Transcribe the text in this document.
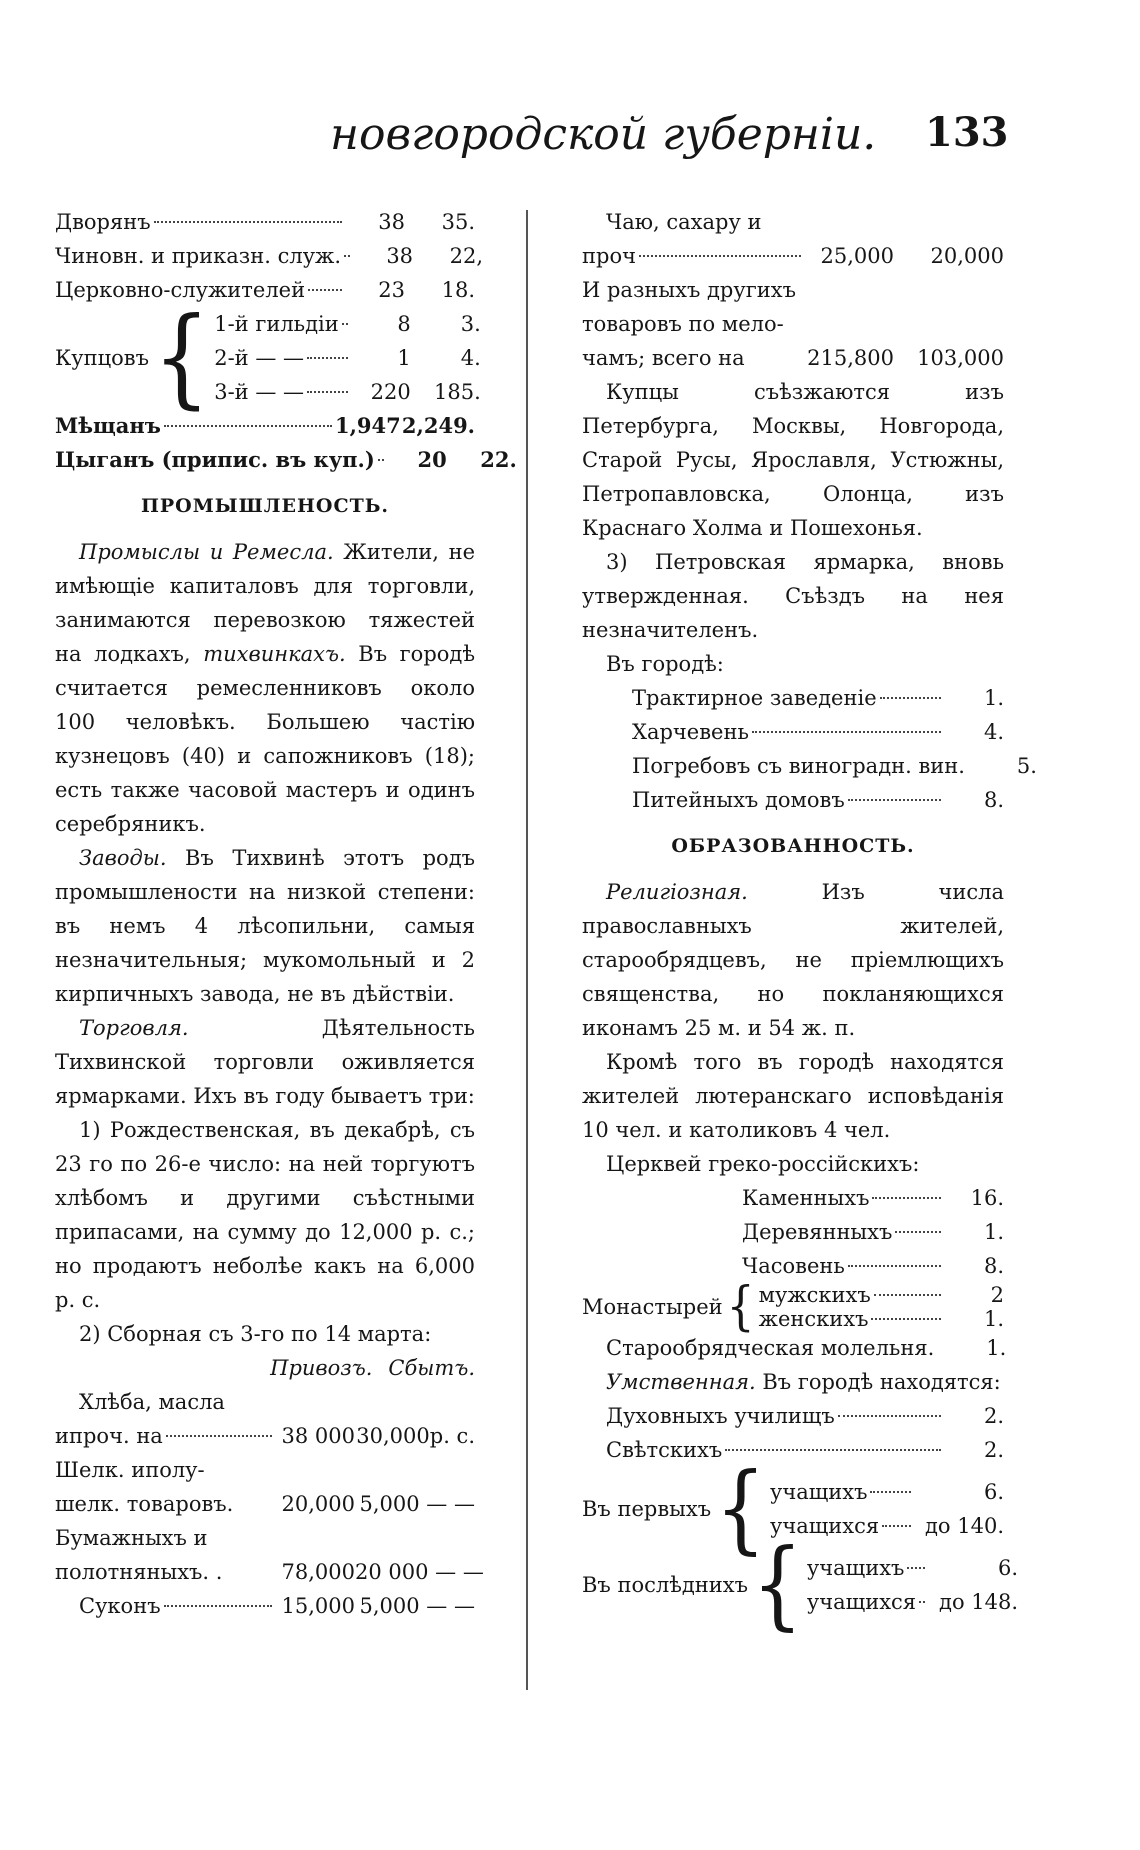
новгородской губерніи. 133
Дворянъ	38	35.
Чиновн. и приказн. служ.	38	22,
Церковно-служителей	23	18.
Купцовъ { 1-й гильдіи	8	3.
2-й — —	1	4.
3-й — —	220	185.
Мѣщанъ	1,947 2,249.
Цыганъ (припис. въ куп.)	20	22.
ПРОМЫШЛЕНОСТЬ.
Промыслы и Ремесла. Жители, не имѣющіе капиталовъ для торговли, занимаются перевозкою тяжестей на лодкахъ, тихвинкахъ. Въ городѣ считается ремесленниковъ около 100 человѣкъ. Большею частію кузнецовъ (40) и сапожниковъ (18); есть также часовой мастеръ и одинъ серебряникъ.
Заводы. Въ Тихвинѣ этотъ родъ промышлености на низкой степени: въ немъ 4 лѣсопильни, самыя незначительныя; мукомольный и 2 кирпичныхъ завода, не въ дѣйствіи.
Торговля.	Дѣятельность Тихвинской торговли оживляется ярмарками. Ихъ въ году бываетъ три:
1) Рождественская, въ декабрѣ, съ 23 го по 26-е число: на ней торгуютъ хлѣбомъ и другими съѣстными припасами, на сумму до 12,000 р. с.; но продаютъ неболѣе какъ на 6,000 р. с.
2) Сборная съ 3-го по 14 марта:
Привозъ. Сбытъ.
Хлѣба, масла
ипроч. на	38 000 30,000р. с.
Шелк. иполу-
шелк. товаровъ.	20,000 5,000 — —
Бумажныхъ и
полотняныхъ. .	78,000 20 000 — —
Суконъ	15,000 5,000 — —
Чаю, сахару и
проч	25,000	20,000
И разныхъ другихъ
товаровъ по мело-
чамъ; всего на	215,800	103,000
Купцы съѣзжаются изъ Петербурга, Москвы, Новгорода, Старой Русы, Ярославля, Устюжны, Петропавловска, Олонца, изъ Краснаго Холма и Пошехонья.
3) Петровская ярмарка, вновь утвержденная. Съѣздъ на нея незначителенъ.
Въ городѣ:
Трактирное заведеніе	1.
Харчевень	4.
Погребовъ съ виноградн. вин.	5.
Питейныхъ домовъ	8.
ОБРАЗОВАННОСТЬ.
Религіозная.	Изъ числа православныхъ жителей, старообрядцевъ, не пріемлющихъ священства, но покланяющихся иконамъ 25 м. и 54 ж. п.
Кромѣ того въ городѣ находятся жителей лютеранскаго исповѣданія 10 чел. и католиковъ 4 чел.
Церквей греко-россійскихъ:
Каменныхъ	16.
Деревянныхъ	1.
Часовень	8.
Монастырей { мужскихъ	2
женскихъ	1.
Старообрядческая молельня.	1.
Умственная. Въ городѣ находятся:
Духовныхъ училищъ	2.
Свѣтскихъ	2.
Въ первыхъ { учащихъ	6.
учащихся	до 140.
Въ послѣднихъ { учащихъ	6.
учащихся	до 148.
